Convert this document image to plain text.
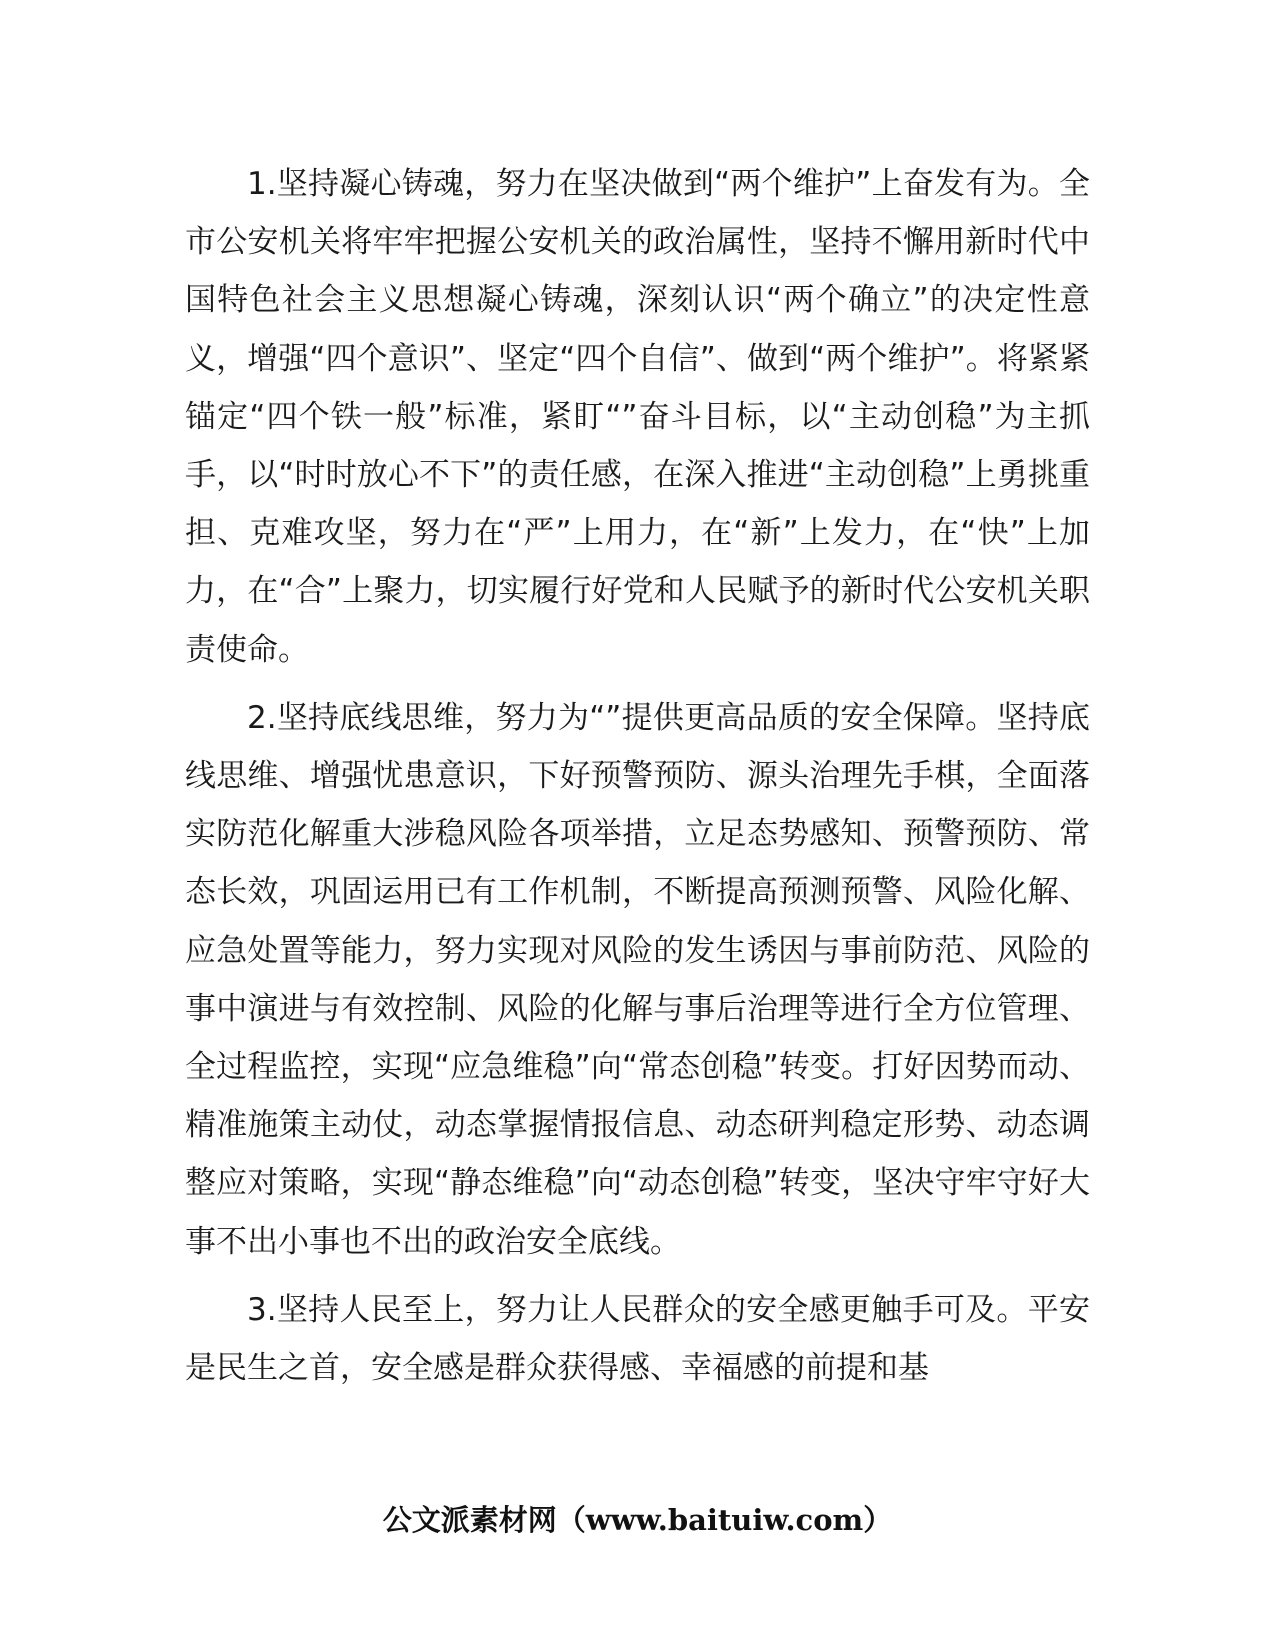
1.坚持凝心铸魂，努力在坚决做到“两个维护”上奋发有为。全市公安机关将牢牢把握公安机关的政治属性，坚持不懈用新时代中国特色社会主义思想凝心铸魂，深刻认识“两个确立”的决定性意义，增强“四个意识”、坚定“四个自信”、做到“两个维护”。将紧紧锚定“四个铁一般”标准，紧盯“”奋斗目标，以“主动创稳”为主抓手，以“时时放心不下”的责任感，在深入推进“主动创稳”上勇挑重担、克难攻坚，努力在“严”上用力，在“新”上发力，在“快”上加力，在“合”上聚力，切实履行好党和人民赋予的新时代公安机关职责使命。

2.坚持底线思维，努力为“”提供更高品质的安全保障。坚持底线思维、增强忧患意识，下好预警预防、源头治理先手棋，全面落实防范化解重大涉稳风险各项举措，立足态势感知、预警预防、常态长效，巩固运用已有工作机制，不断提高预测预警、风险化解、应急处置等能力，努力实现对风险的发生诱因与事前防范、风险的事中演进与有效控制、风险的化解与事后治理等进行全方位管理、全过程监控，实现“应急维稳”向“常态创稳”转变。打好因势而动、精准施策主动仗，动态掌握情报信息、动态研判稳定形势、动态调整应对策略，实现“静态维稳”向“动态创稳”转变，坚决守牢守好大事不出小事也不出的政治安全底线。

3.坚持人民至上，努力让人民群众的安全感更触手可及。平安是民生之首，安全感是群众获得感、幸福感的前提和基

公文派素材网（www.baituiw.com）
